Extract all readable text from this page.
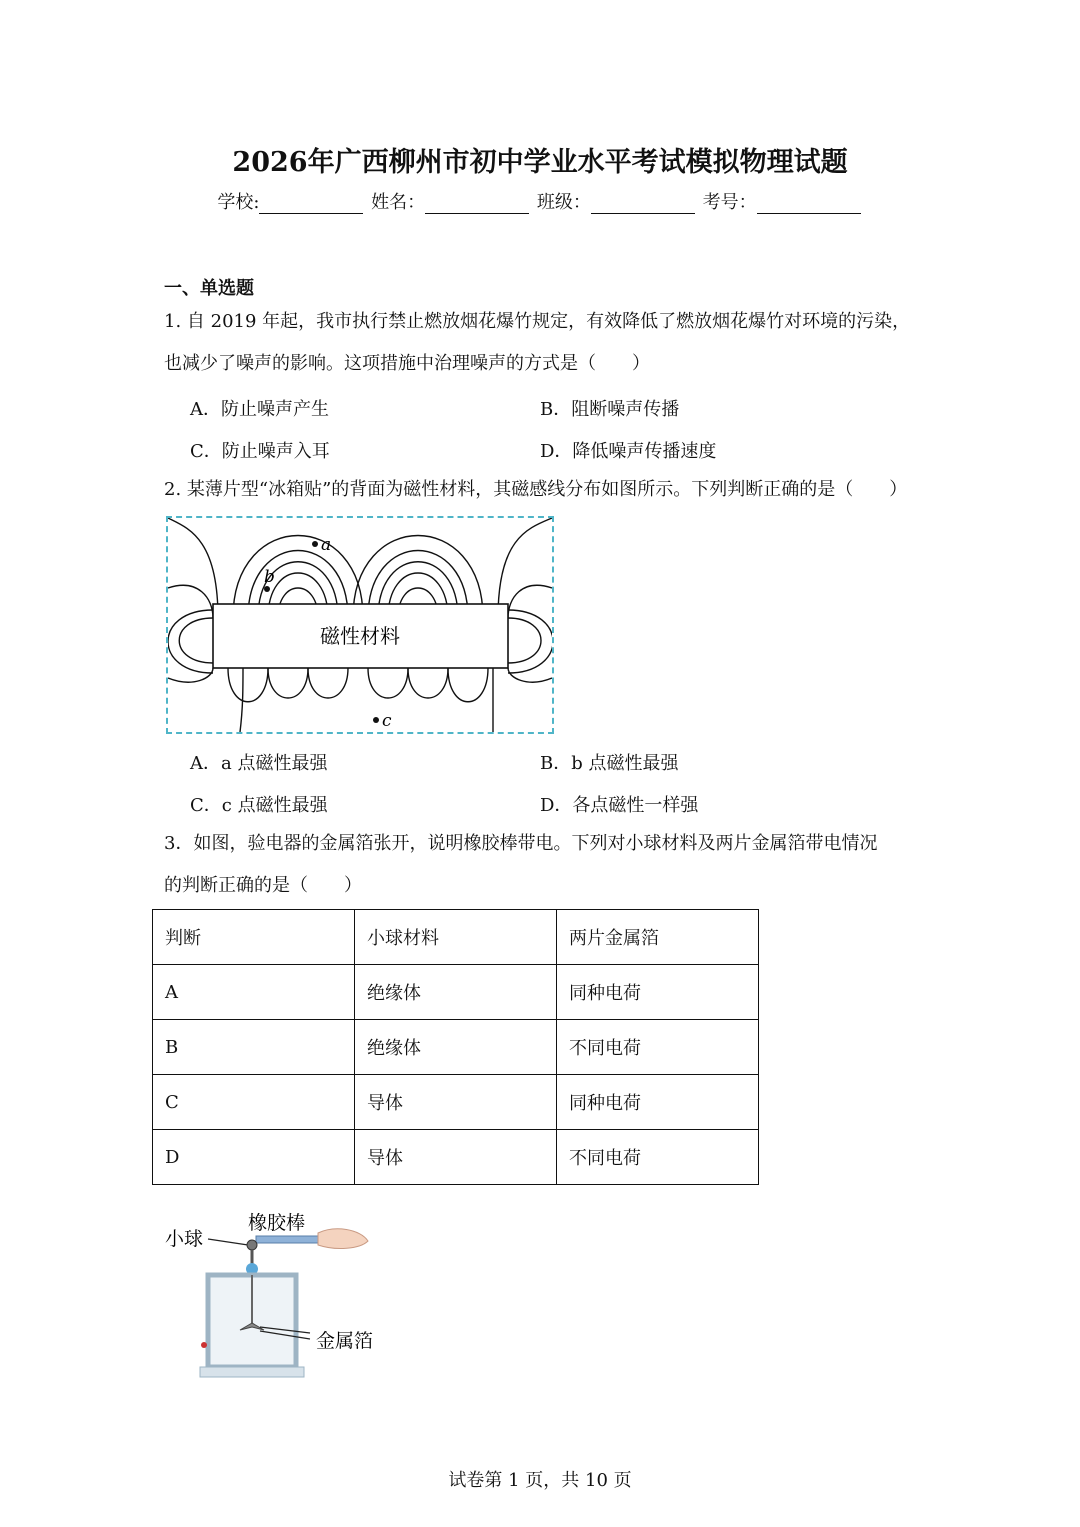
2026年广西柳州市初中学业水平考试模拟物理试题
学校:	姓名：	班级：	考号：
一、单选题
1. 自 2019 年起，我市执行禁止燃放烟花爆竹规定，有效降低了燃放烟花爆竹对环境的污染，
也减少了噪声的影响。这项措施中治理噪声的方式是（　　）
A．防止噪声产生	B．阻断噪声传播
C．防止噪声入耳	D．降低噪声传播速度
2. 某薄片型“冰箱贴”的背面为磁性材料，其磁感线分布如图所示。下列判断正确的是（　　）
磁性材料
a
b
c
A．a 点磁性最强	B．b 点磁性最强
C．c 点磁性最强	D．各点磁性一样强
3．如图，验电器的金属箔张开，说明橡胶棒带电。下列对小球材料及两片金属箔带电情况
的判断正确的是（　　）
判断	小球材料	两片金属箔
A	绝缘体	同种电荷
B	绝缘体	不同电荷
C	导体	同种电荷
D	导体	不同电荷
小球
橡胶棒
金属箔
试卷第 1 页，共 10 页
